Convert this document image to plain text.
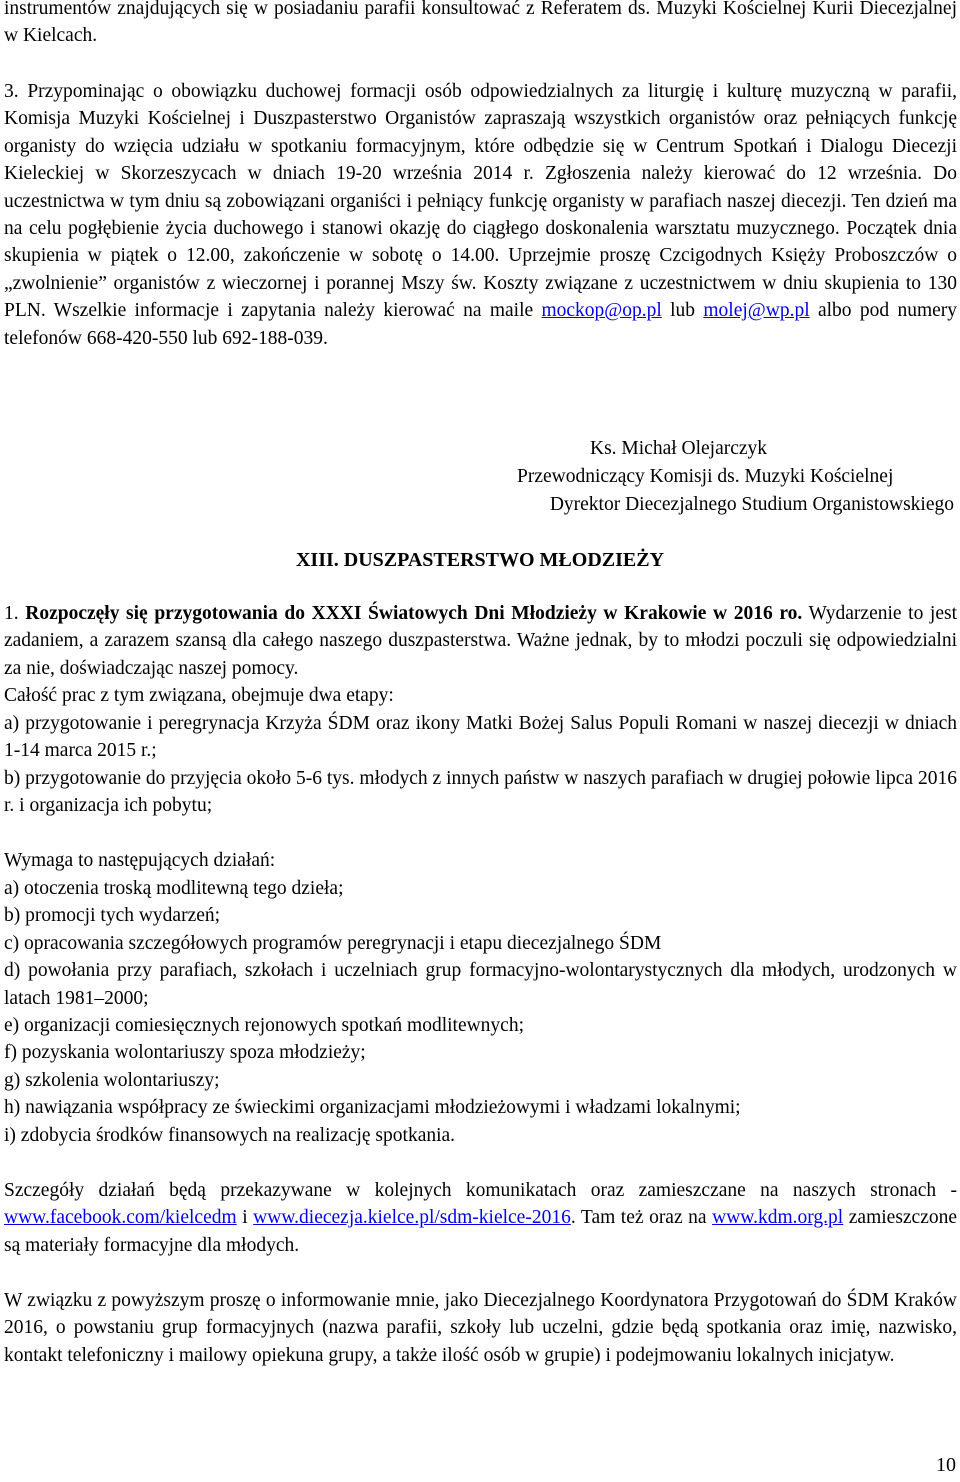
instrumentów znajdujących się w posiadaniu parafii konsultować z Referatem ds. Muzyki Kościelnej Kurii Diecezjalnej w Kielcach.

3. Przypominając o obowiązku duchowej formacji osób odpowiedzialnych za liturgię i kulturę muzyczną w parafii, Komisja Muzyki Kościelnej i Duszpasterstwo Organistów zapraszają wszystkich organistów oraz pełniących funkcję organisty do wzięcia udziału w spotkaniu formacyjnym, które odbędzie się w Centrum Spotkań i Dialogu Diecezji Kieleckiej w Skorzeszycach w dniach 19-20 września 2014 r. Zgłoszenia należy kierować do 12 września. Do uczestnictwa w tym dniu są zobowiązani organiści i pełniący funkcję organisty w parafiach naszej diecezji. Ten dzień ma na celu pogłębienie życia duchowego i stanowi okazję do ciągłego doskonalenia warsztatu muzycznego. Początek dnia skupienia w piątek o 12.00, zakończenie w sobotę o 14.00. Uprzejmie proszę Czcigodnych Księży Proboszczów o „zwolnienie” organistów z wieczornej i porannej Mszy św. Koszty związane z uczestnictwem w dniu skupienia to 130 PLN. Wszelkie informacje i zapytania należy kierować na maile mockop@op.pl lub molej@wp.pl albo pod numery telefonów 668-420-550 lub 692-188-039.

Ks. Michał Olejarczyk

Przewodniczący Komisji ds. Muzyki Kościelnej

Dyrektor Diecezjalnego Studium Organistowskiego

XIII. DUSZPASTERSTWO MŁODZIEŻY

1. Rozpoczęły się przygotowania do XXXI Światowych Dni Młodzieży w Krakowie w 2016 ro. Wydarzenie to jest zadaniem, a zarazem szansą dla całego naszego duszpasterstwa. Ważne jednak, by to młodzi poczuli się odpowiedzialni za nie, doświadczając naszej pomocy.

Całość prac z tym związana, obejmuje dwa etapy:

a) przygotowanie i peregrynacja Krzyża ŚDM oraz ikony Matki Bożej Salus Populi Romani w naszej diecezji w dniach 1-14 marca 2015 r.;

b) przygotowanie do przyjęcia około 5-6 tys. młodych z innych państw w naszych parafiach w drugiej połowie lipca 2016 r. i organizacja ich pobytu;

Wymaga to następujących działań:

a) otoczenia troską modlitewną tego dzieła;
b) promocji tych wydarzeń;
c) opracowania szczegółowych programów peregrynacji i etapu diecezjalnego ŚDM
d) powołania przy parafiach, szkołach i uczelniach grup formacyjno-wolontarystycznych dla młodych, urodzonych w latach 1981–2000;
e) organizacji comiesięcznych rejonowych spotkań modlitewnych;
f) pozyskania wolontariuszy spoza młodzieży;
g) szkolenia wolontariuszy;
h) nawiązania współpracy ze świeckimi organizacjami młodzieżowymi i władzami lokalnymi;
i) zdobycia środków finansowych na realizację spotkania.

Szczegóły działań będą przekazywane w kolejnych komunikatach oraz zamieszczane na naszych stronach - www.facebook.com/kielcedm i www.diecezja.kielce.pl/sdm-kielce-2016. Tam też oraz na www.kdm.org.pl zamieszczone są materiały formacyjne dla młodych.

W związku z powyższym proszę o informowanie mnie, jako Diecezjalnego Koordynatora Przygotowań do ŚDM Kraków 2016, o powstaniu grup formacyjnych (nazwa parafii, szkoły lub uczelni, gdzie będą spotkania oraz imię, nazwisko, kontakt telefoniczny i mailowy opiekuna grupy, a także ilość osób w grupie) i podejmowaniu lokalnych inicjatyw.

10
